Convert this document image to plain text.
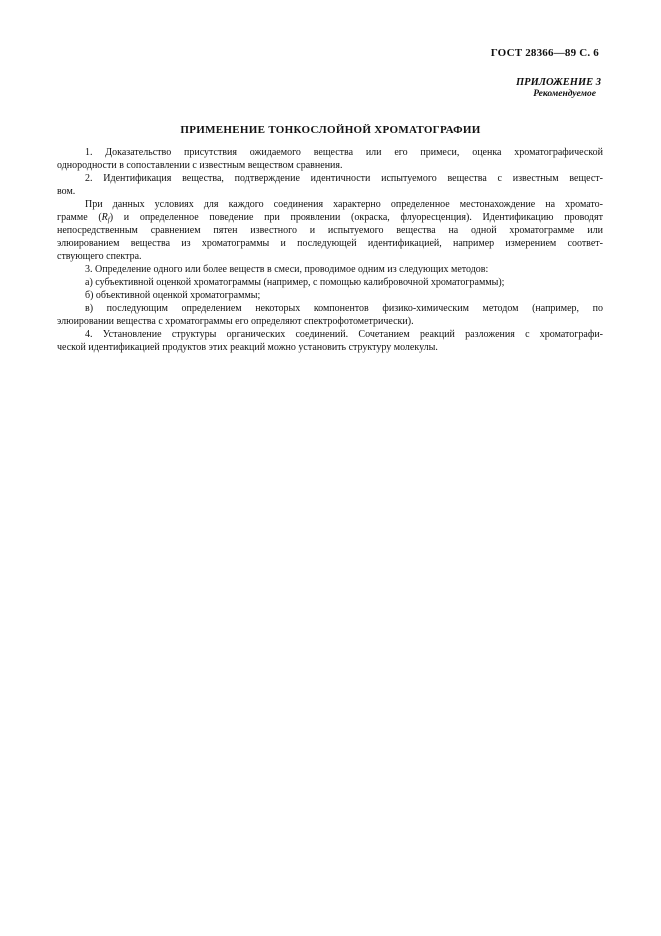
ГОСТ 28366—89 С. 6
ПРИЛОЖЕНИЕ 3
Рекомендуемое
ПРИМЕНЕНИЕ ТОНКОСЛОЙНОЙ ХРОМАТОГРАФИИ
1. Доказательство присутствия ожидаемого вещества или его примеси, оценка хроматографической
однородности в сопоставлении с известным веществом сравнения.
2. Идентификация вещества, подтверждение идентичности испытуемого вещества с известным вещест-
вом.
При данных условиях для каждого соединения характерно определенное местонахождение на хромато-
грамме $(R_f)$ и определенное поведение при проявлении (окраска, флуоресценция). Идентификацию проводят
непосредственным сравнением пятен известного и испытуемого вещества на одной хроматограмме или
элюированием вещества из хроматограммы и последующей идентификацией, например измерением соответ-
ствующего спектра.
3. Определение одного или более веществ в смеси, проводимое одним из следующих методов:
а) субъективной оценкой хроматограммы (например, с помощью калибровочной хроматограммы);
б) объективной оценкой хроматограммы;
в) последующим определением некоторых компонентов физико-химическим методом (например, по
элюировании вещества с хроматограммы его определяют спектрофотометрически).
4. Установление структуры органических соединений. Сочетанием реакций разложения с хроматографи-
ческой идентификацией продуктов этих реакций можно установить структуру молекулы.
